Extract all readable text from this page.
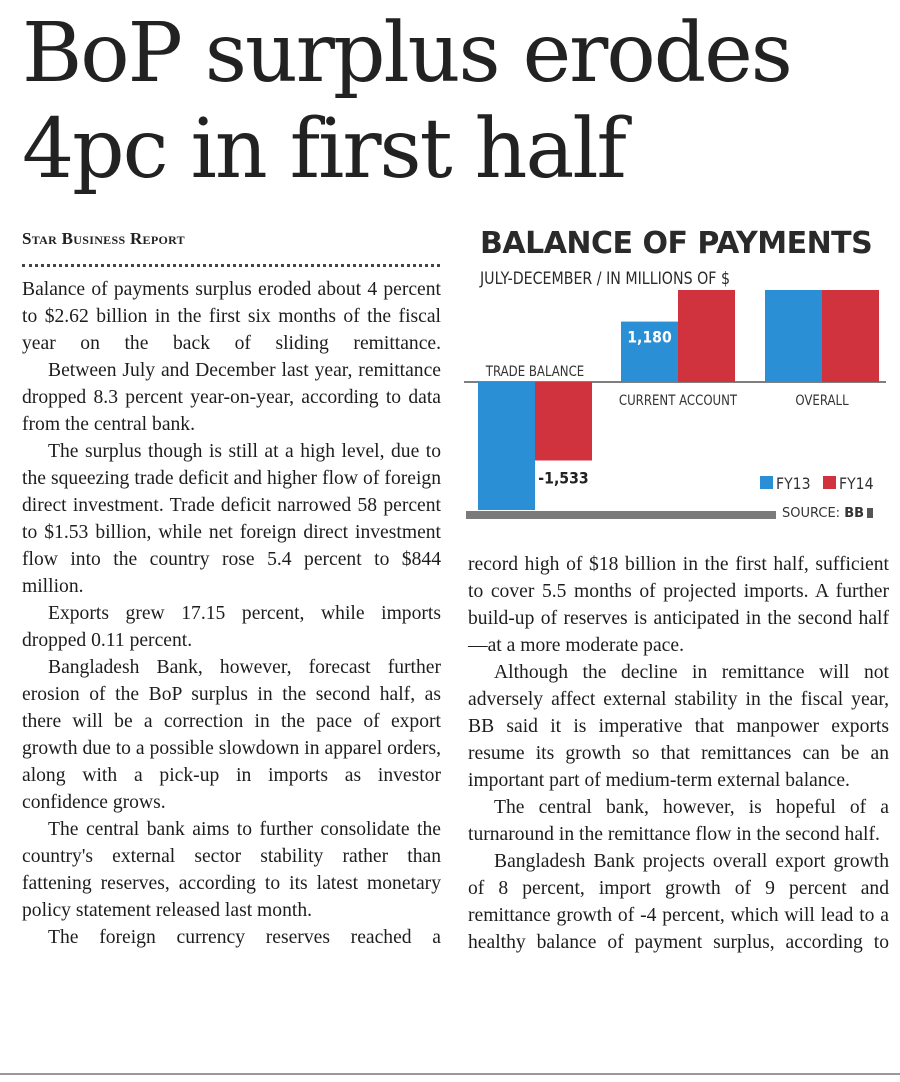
BoP surplus erodes 4pc in first half
Star Business Report

Balance of payments surplus eroded about 4 percent to $2.62 billion in the first six months of the fiscal year on the back of sliding remittance.

Between July and December last year, remittance dropped 8.3 percent year-on-year, according to data from the central bank.

The surplus though is still at a high level, due to the squeezing trade deficit and higher flow of foreign direct investment. Trade deficit narrowed 58 percent to $1.53 billion, while net foreign direct investment flow into the country rose 5.4 percent to $844 million.

Exports grew 17.15 percent, while imports dropped 0.11 percent.

Bangladesh Bank, however, forecast further erosion of the BoP surplus in the second half, as there will be a correction in the pace of export growth due to a possible slowdown in apparel orders, along with a pick-up in imports as investor confidence grows.

The central bank aims to further consolidate the country's external sector stability rather than fattening reserves, according to its latest monetary policy statement released last month.

The foreign currency reserves reached a

record high of $18 billion in the first half, sufficient to cover 5.5 months of projected imports. A further build-up of reserves is anticipated in the second half—at a more moderate pace.

Although the decline in remittance will not adversely affect external stability in the fiscal year, BB said it is imperative that manpower exports resume its growth so that remittances can be an important part of medium-term external balance.

The central bank, however, is hopeful of a turnaround in the remittance flow in the second half.

Bangladesh Bank projects overall export growth of 8 percent, import growth of 9 percent and remittance growth of -4 percent, which will lead to a healthy balance of payment surplus, according to

BALANCE OF PAYMENTS
JULY-DECEMBER / IN MILLIONS OF $
1,180
-1,533
TRADE BALANCE
CURRENT ACCOUNT	OVERALL
FY13 FY14
SOURCE: BB
